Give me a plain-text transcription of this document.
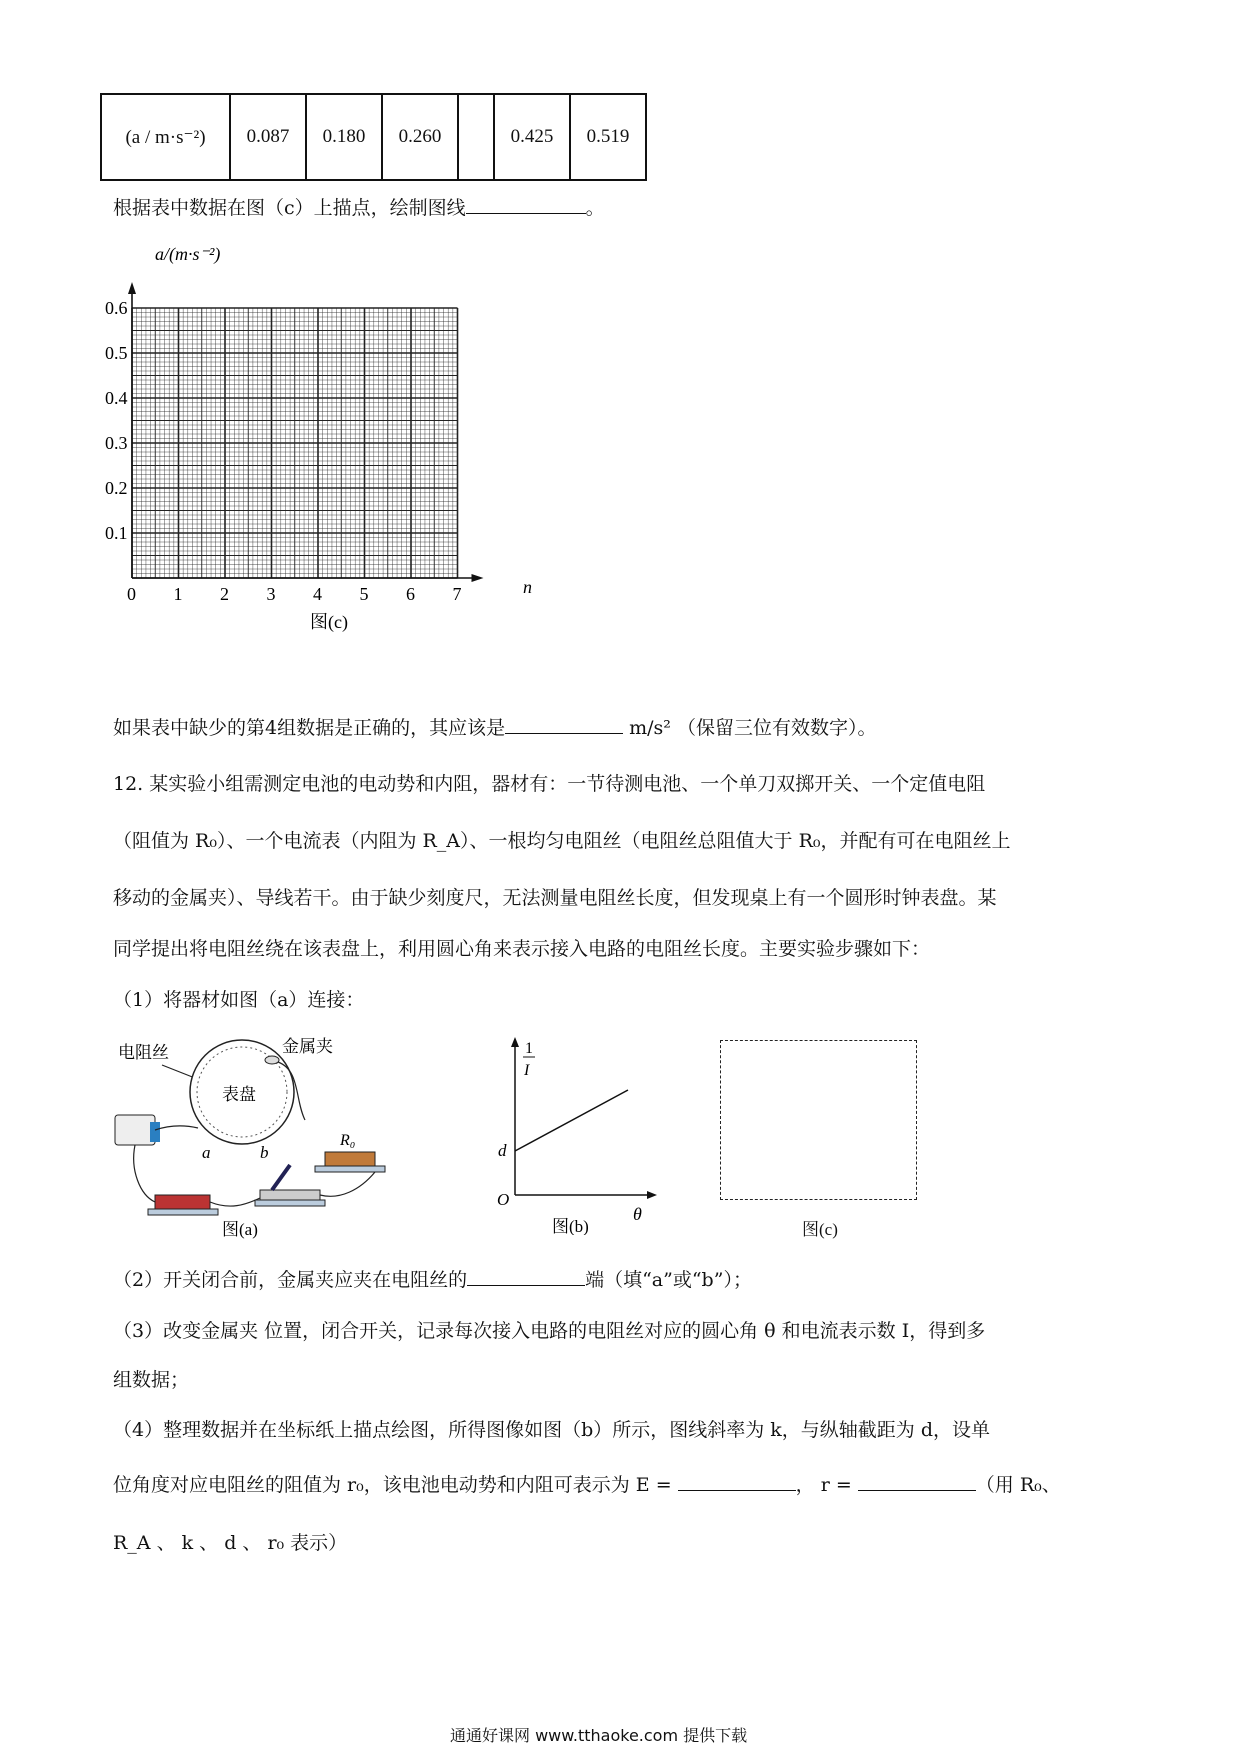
(a / m·s⁻²)	0.087	0.180	0.260		0.425	0.519
根据表中数据在图（c）上描点，绘制图线	。
0 1 2 3 4 5 6 7
0.1
0.2
0.3
0.4
0.5
0.6
a/(m·s⁻²)
n
图(c)
如果表中缺少的第4组数据是正确的，其应该是	m/s² （保留三位有效数字）。
12. 某实验小组需测定电池的电动势和内阻，器材有：一节待测电池、一个单刀双掷开关、一个定值电阻
（阻值为 R₀）、一个电流表（内阻为 R_A）、一根均匀电阻丝（电阻丝总阻值大于 R₀，并配有可在电阻丝上
移动的金属夹）、导线若干。由于缺少刻度尺，无法测量电阻丝长度，但发现桌上有一个圆形时钟表盘。某
同学提出将电阻丝绕在该表盘上，利用圆心角来表示接入电路的电阻丝长度。主要实验步骤如下：
（1）将器材如图（a）连接：
电阻丝
表盘
金属夹
a	b
R₀
图(a)
1
I
d
O
θ
图(b)	图(c)
（2）开关闭合前，金属夹应夹在电阻丝的	端（填“a”或“b”）；
（3）改变金属夹 位置，闭合开关，记录每次接入电路的电阻丝对应的圆心角 θ 和电流表示数 I，得到多
组数据；
（4）整理数据并在坐标纸上描点绘图，所得图像如图（b）所示，图线斜率为 k，与纵轴截距为 d，设单
位角度对应电阻丝的阻值为 r₀，该电池电动势和内阻可表示为 E =	， r =	（用 R₀、
R_A 、 k 、 d 、 r₀ 表示）
通通好课网 www.tthaoke.com 提供下载
